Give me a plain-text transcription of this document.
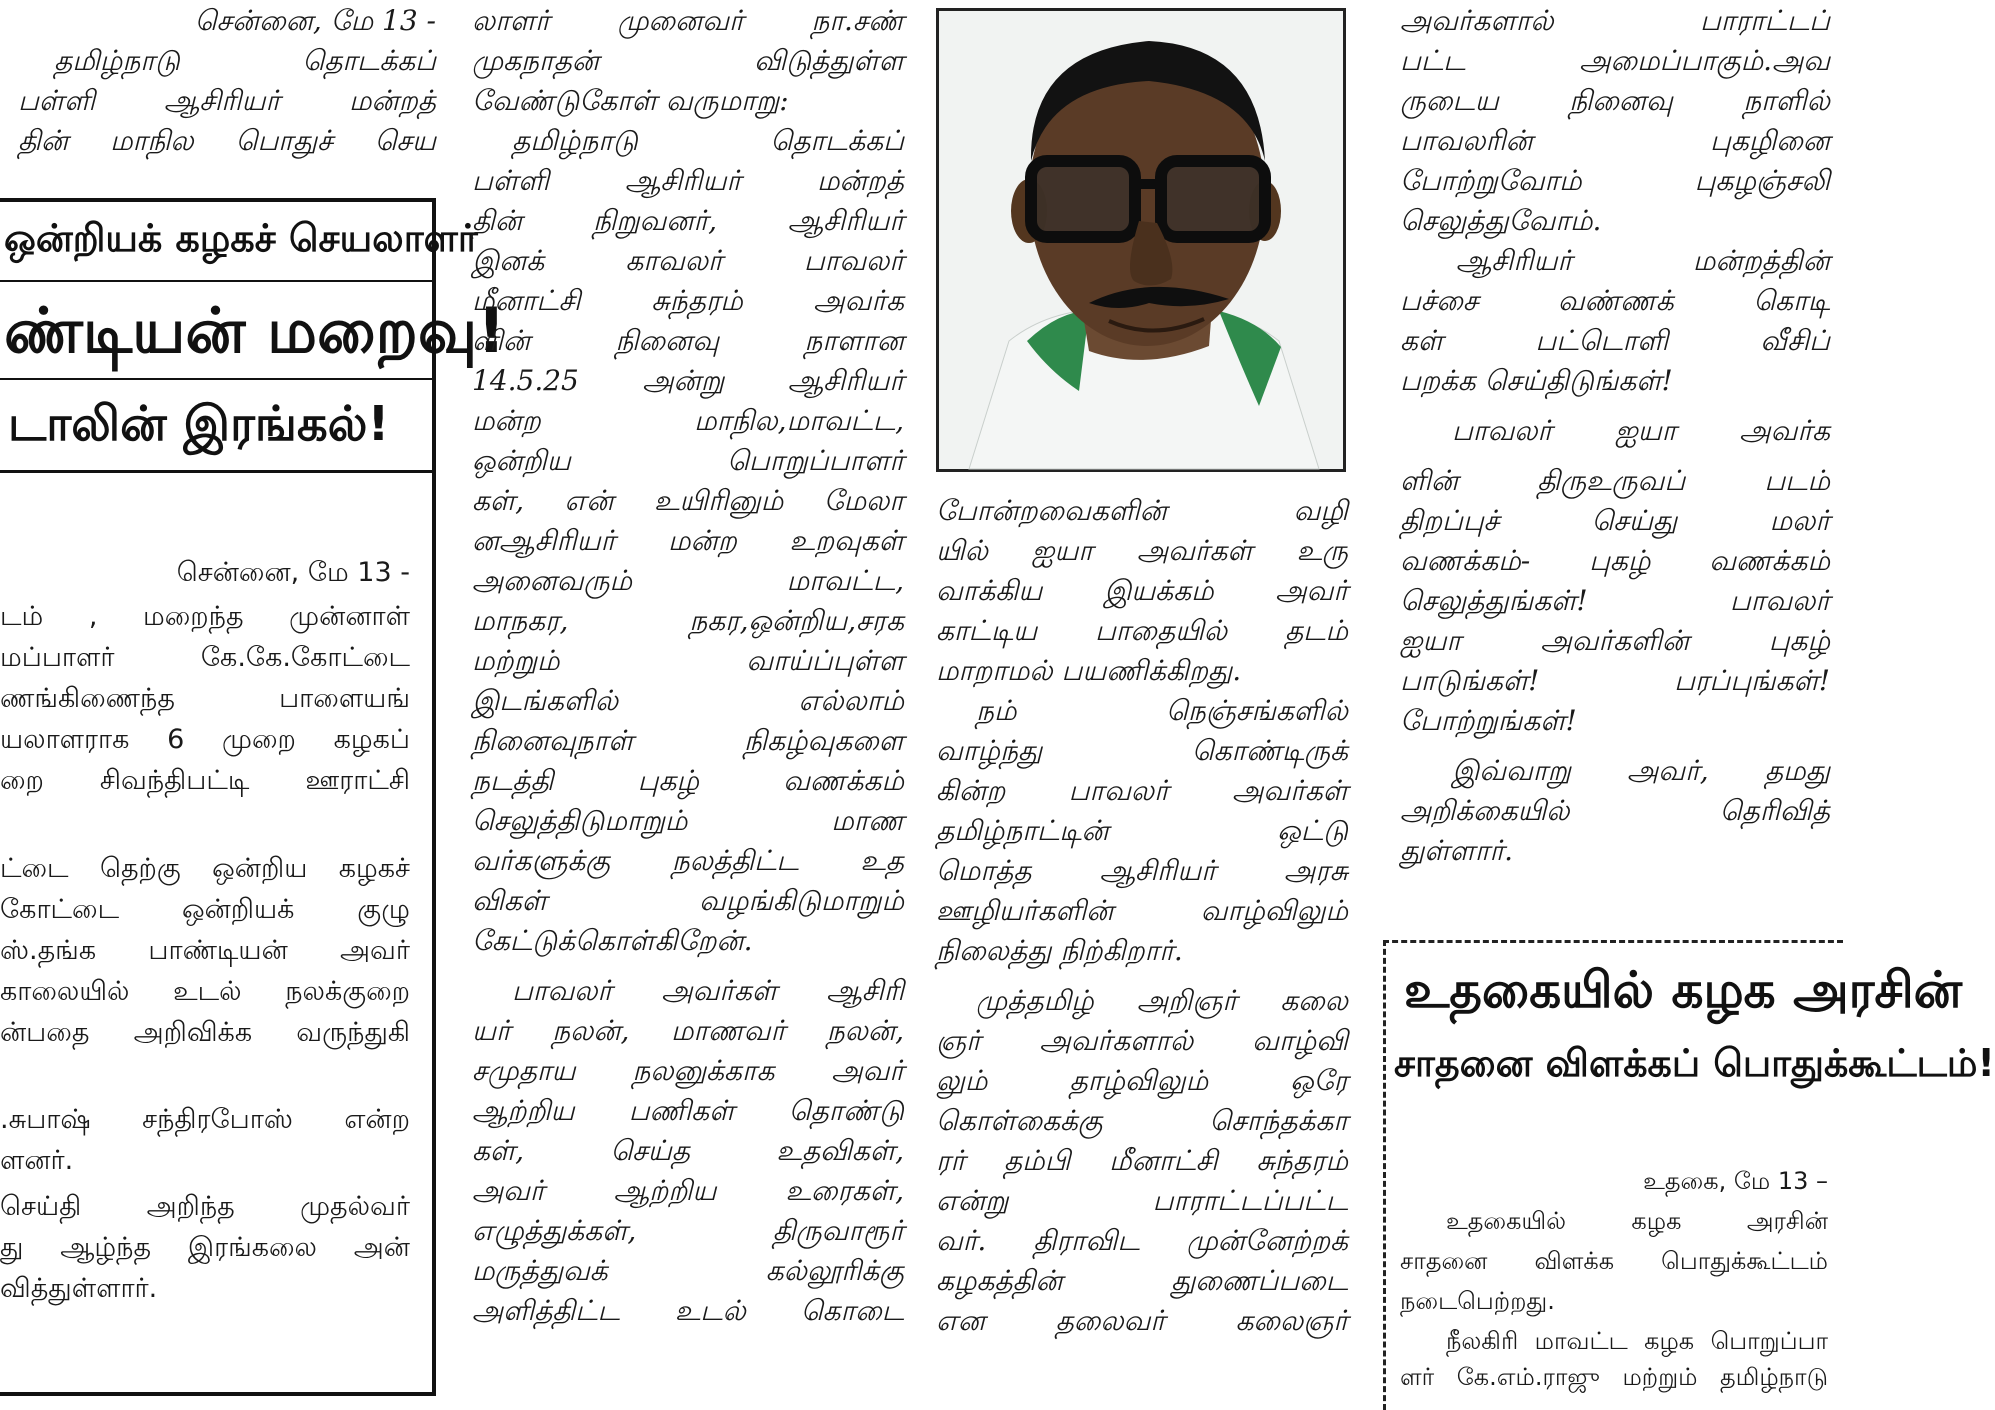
சென்னை, மே 13 -
தமிழ்நாடு தொடக்கப்
பள்ளி ஆசிரியர் மன்றத்
தின் மாநில பொதுச் செய
ஒன்றியக் கழகச் செயலாளர்
ண்டியன் மறைவு!
டாலின் இரங்கல்!
சென்னை, மே 13 -
டம் , மறைந்த முன்னாள்
மப்பாளர் கே.கே.கோட்டை
ணங்கிணைந்த பாளையங்
யலாளராக 6 முறை கழகப்
றை சிவந்திபட்டி ஊராட்சி
ட்டை தெற்கு ஒன்றிய கழகச்
கோட்டை ஒன்றியக் குழு
ஸ்.தங்க பாண்டியன் அவர்
காலையில் உடல் நலக்குறை
ன்பதை அறிவிக்க வருந்துகி
.சுபாஷ் சந்திரபோஸ் என்ற
ளனர்.
செய்தி அறிந்த முதல்வர்
து ஆழ்ந்த இரங்கலை அன்
வித்துள்ளார்.
லாளர் முனைவர் நா.சண்
முகநாதன் விடுத்துள்ள
வேண்டுகோள் வருமாறு:
தமிழ்நாடு தொடக்கப்
பள்ளி ஆசிரியர் மன்றத்
தின் நிறுவனர், ஆசிரியர்
இனக் காவலர் பாவலர்
மீனாட்சி சுந்தரம் அவர்க
ளின் நினைவு நாளான
14.5.25 அன்று ஆசிரியர்
மன்ற மாநில,மாவட்ட,
ஒன்றிய பொறுப்பாளர்
கள், என் உயிரினும் மேலா
னஆசிரியர் மன்ற உறவுகள்
அனைவரும் மாவட்ட,
மாநகர, நகர,ஒன்றிய,சரக
மற்றும் வாய்ப்புள்ள
இடங்களில் எல்லாம்
நினைவுநாள் நிகழ்வுகளை
நடத்தி புகழ் வணக்கம்
செலுத்திடுமாறும் மாண
வர்களுக்கு நலத்திட்ட உத
விகள் வழங்கிடுமாறும்
கேட்டுக்கொள்கிறேன்.
பாவலர் அவர்கள் ஆசிரி
யர் நலன், மாணவர் நலன்,
சமுதாய நலனுக்காக அவர்
ஆற்றிய பணிகள் தொண்டு
கள், செய்த உதவிகள்,
அவர் ஆற்றிய உரைகள்,
எழுத்துக்கள், திருவாரூர்
மருத்துவக் கல்லூரிக்கு
அளித்திட்ட உடல் கொடை
போன்றவைகளின் வழி
யில் ஐயா அவர்கள் உரு
வாக்கிய இயக்கம் அவர்
காட்டிய பாதையில் தடம்
மாறாமல் பயணிக்கிறது.
நம் நெஞ்சங்களில்
வாழ்ந்து கொண்டிருக்
கின்ற பாவலர் அவர்கள்
தமிழ்நாட்டின் ஒட்டு
மொத்த ஆசிரியர் அரசு
ஊழியர்களின் வாழ்விலும்
நிலைத்து நிற்கிறார்.
முத்தமிழ் அறிஞர் கலை
ஞர் அவர்களால் வாழ்வி
லும் தாழ்விலும் ஒரே
கொள்கைக்கு சொந்தக்கா
ரர் தம்பி மீனாட்சி சுந்தரம்
என்று பாராட்டப்பட்ட
வர். திராவிட முன்னேற்றக்
கழகத்தின் துணைப்படை
என தலைவர் கலைஞர்
அவர்களால் பாராட்டப்
பட்ட அமைப்பாகும்.அவ
ருடைய நினைவு நாளில்
பாவலரின் புகழினை
போற்றுவோம் புகழஞ்சலி
செலுத்துவோம்.
ஆசிரியர் மன்றத்தின்
பச்சை வண்ணக் கொடி
கள் பட்டொளி வீசிப்
பறக்க செய்திடுங்கள்!
பாவலர் ஐயா அவர்க
ளின் திருஉருவப் படம்
திறப்புச் செய்து மலர்
வணக்கம்- புகழ் வணக்கம்
செலுத்துங்கள்! பாவலர்
ஐயா அவர்களின் புகழ்
பாடுங்கள்! பரப்புங்கள்!
போற்றுங்கள்!
இவ்வாறு அவர், தமது
அறிக்கையில் தெரிவித்
துள்ளார்.
உதகையில் கழக அரசின்
சாதனை விளக்கப் பொதுக்கூட்டம்!
உதகை, மே 13 –
உதகையில் கழக அரசின்
சாதனை விளக்க பொதுக்கூட்டம்
நடைபெற்றது.
நீலகிரி மாவட்ட கழக பொறுப்பா
ளர் கே.எம்.ராஜு மற்றும் தமிழ்நாடு
